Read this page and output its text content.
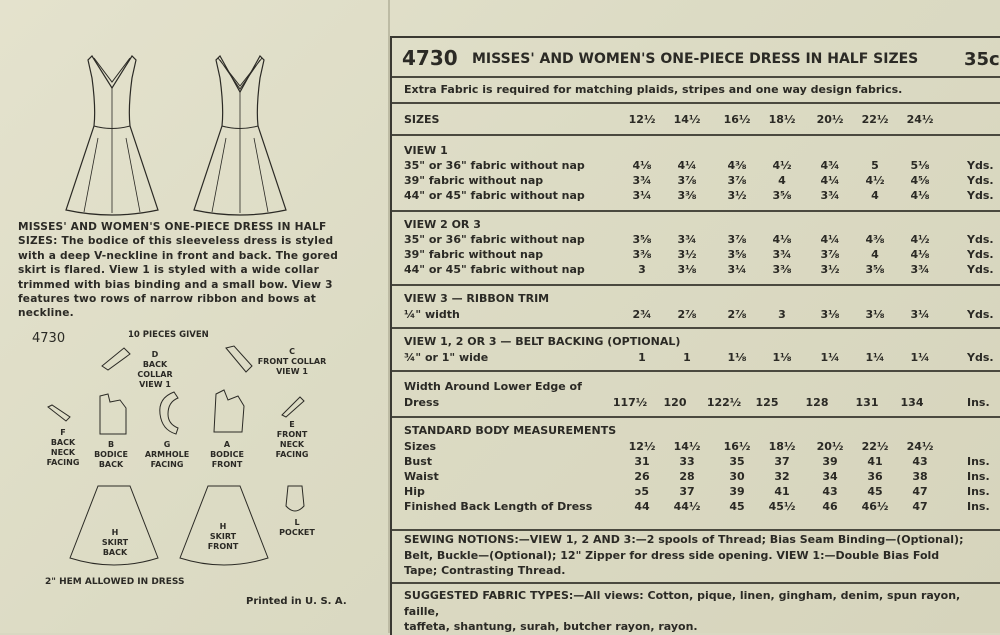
MISSES' AND WOMEN'S ONE-PIECE DRESS IN HALF SIZES: The bodice of this sleeveless dress is styled with a deep V-neckline in front and back. The gored skirt is flared. View 1 is styled with a wide collar trimmed with bias binding and a small bow. View 3 features two rows of narrow ribbon and bows at neckline.
4730	10 PIECES GIVEN
D
BACK COLLAR
VIEW 1
C
FRONT COLLAR
VIEW 1
F
BACK NECK FACING
B
BODICE BACK
G
ARMHOLE FACING
A
BODICE FRONT
E
FRONT NECK FACING
H
SKIRT BACK
H
SKIRT FRONT
L
POCKET
2" HEM ALLOWED IN DRESS
Printed in U. S. A.
4730 MISSES' AND WOMEN'S ONE-PIECE DRESS IN HALF SIZES	35c
Extra Fabric is required for matching plaids, stripes and one way design fabrics.
SIZES	12½	14½	16½	18½	20½	22½	24½
VIEW 1
35" or 36" fabric without nap	4⅛	4¼	4⅜	4½	4¾	5	5⅛	Yds.
39" fabric without nap	3¾	3⅞	3⅞	4	4¼	4½	4⅝	Yds.
44" or 45" fabric without nap	3¼	3⅜	3½	3⅝	3¾	4	4⅛	Yds.
VIEW 2 OR 3
35" or 36" fabric without nap	3⅝	3¾	3⅞	4⅛	4¼	4⅜	4½	Yds.
39" fabric without nap	3⅜	3½	3⅝	3¾	3⅞	4	4⅛	Yds.
44" or 45" fabric without nap	3	3⅛	3¼	3⅜	3½	3⅝	3¾	Yds.
VIEW 3 — RIBBON TRIM
¼" width	2¾	2⅞	2⅞	3	3⅛	3⅛	3¼	Yds.
VIEW 1, 2 OR 3 — BELT BACKING (OPTIONAL)
¾" or 1" wide	1	1	1⅛	1⅛	1¼	1¼	1¼	Yds.
Width Around Lower Edge of
Dress	117½	120	122½	125	128	131	134	Ins.
STANDARD BODY MEASUREMENTS
Sizes	12½	14½	16½	18½	20½	22½	24½
Bust	31	33	35	37	39	41	43	Ins.
Waist	26	28	30	32	34	36	38	Ins.
Hip	ɔ5	37	39	41	43	45	47	Ins.
Finished Back Length of Dress	44	44½	45	45½	46	46½	47	Ins.
SEWING NOTIONS:—VIEW 1, 2 AND 3:—2 spools of Thread; Bias Seam Binding—(Optional);
Belt, Buckle—(Optional); 12" Zipper for dress side opening. VIEW 1:—Double Bias Fold
Tape; Contrasting Thread.
SUGGESTED FABRIC TYPES:—All views: Cotton, pique, linen, gingham, denim, spun rayon, faille,
taffeta, shantung, surah, butcher rayon, rayon.
